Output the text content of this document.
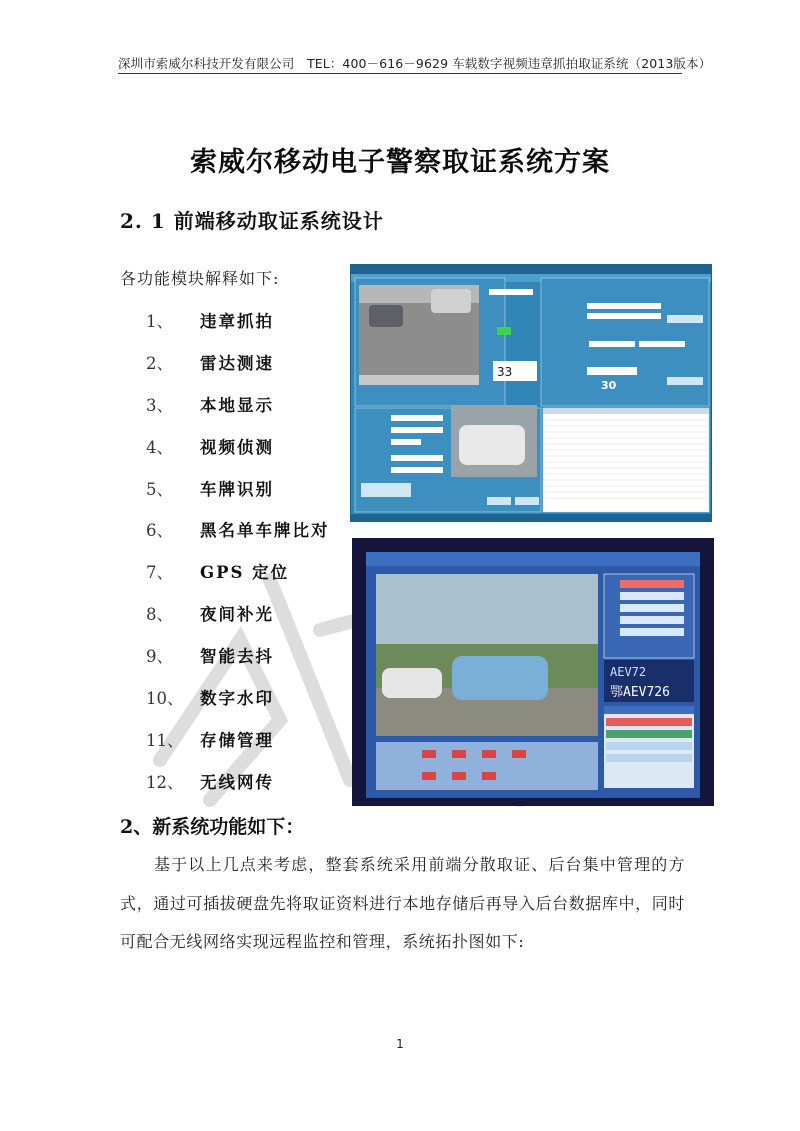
深圳市索威尔科技开发有限公司　TEL：400－616－9629 车载数字视频违章抓拍取证系统（2013版本）
索威尔移动电子警察取证系统方案
2. 1 前端移动取证系统设计
各功能模块解释如下:
1、	违章抓拍
2、	雷达测速
3、	本地显示
4、	视频侦测
5、	车牌识别
6、	黑名单车牌比对
7、	GPS 定位
8、	夜间补光
9、	智能去抖
10、	数字水印
11、	存储管理
12、	无线网传
33
30
AEV72
鄂AEV726
2、新系统功能如下：

基于以上几点来考虑，整套系统采用前端分散取证、后台集中管理的方式，通过可插拔硬盘先将取证资料进行本地存储后再导入后台数据库中，同时可配合无线网络实现远程监控和管理，系统拓扑图如下:

1
